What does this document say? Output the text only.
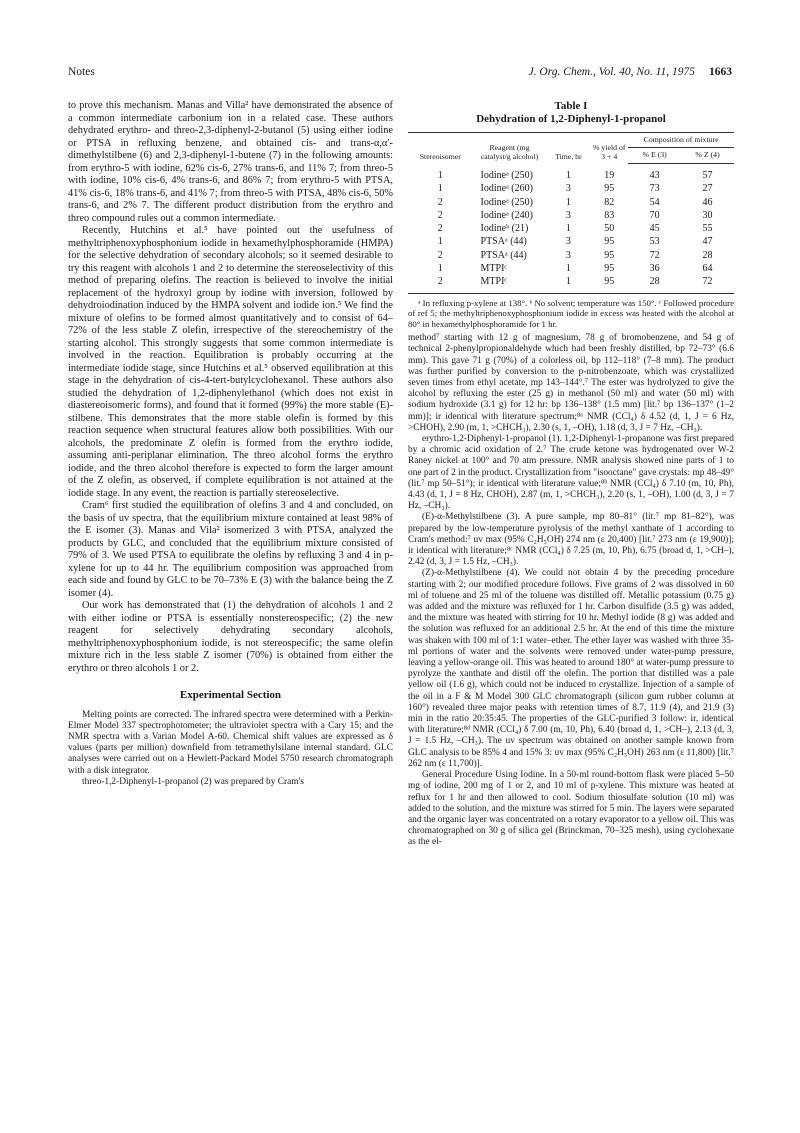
Notes	J. Org. Chem., Vol. 40, No. 11, 1975 1663

to prove this mechanism. Manas and Villa² have demonstrated the absence of a common intermediate carbonium ion in a related case. These authors dehydrated erythro- and threo-2,3-diphenyl-2-butanol (5) using either iodine or PTSA in refluxing benzene, and obtained cis- and trans-α,α′-dimethylstilbene (6) and 2,3-diphenyl-1-butene (7) in the following amounts: from erythro-5 with iodine, 62% cis-6, 27% trans-6, and 11% 7; from threo-5 with iodine, 10% cis-6, 4% trans-6, and 86% 7; from erythro-5 with PTSA, 41% cis-6, 18% trans-6, and 41% 7; from threo-5 with PTSA, 48% cis-6, 50% trans-6, and 2% 7. The different product distribution from the erythro and threo compound rules out a common intermediate.

Recently, Hutchins et al.⁵ have pointed out the usefulness of methyltriphenoxyphosphonium iodide in hexamethylphosphoramide (HMPA) for the selective dehydration of secondary alcohols; so it seemed desirable to try this reagent with alcohols 1 and 2 to determine the stereoselectivity of this method of preparing olefins. The reaction is believed to involve the initial replacement of the hydroxyl group by iodine with inversion, followed by dehydroiodination induced by the HMPA solvent and iodide ion.⁵ We find the mixture of olefins to be formed almost quantitatively and to consist of 64–72% of the less stable Z olefin, irrespective of the stereochemistry of the starting alcohol. This strongly suggests that some common intermediate is involved in the reaction. Equilibration is probably occurring at the intermediate iodide stage, since Hutchins et al.⁵ observed equilibration at this stage in the dehydration of cis-4-tert-butylcyclohexanol. These authors also studied the dehydration of 1,2-diphenylethanol (which does not exist in diastereoisomeric forms), and found that it formed (99%) the more stable (E)-stilbene. This demonstrates that the more stable olefin is formed by this reaction sequence when structural features allow both possibilities. With our alcohols, the predominate Z olefin is formed from the erythro iodide, assuming anti-periplanar elimination. The threo alcohol forms the erythro iodide, and the threo alcohol therefore is expected to form the larger amount of the Z olefin, as observed, if complete equilibration is not attained at the iodide stage. In any event, the reaction is partially stereoselective.

Cram⁶ first studied the equilibration of olefins 3 and 4 and concluded, on the basis of uv spectra, that the equilibrium mixture contained at least 98% of the E isomer (3). Manas and Vila² isomerized 3 with PTSA, analyzed the products by GLC, and concluded that the equilibrium mixture consisted of 79% of 3. We used PTSA to equilibrate the olefins by refluxing 3 and 4 in p-xylene for up to 44 hr. The equilibrium composition was approached from each side and found by GLC to be 70–73% E (3) with the balance being the Z isomer (4).

Our work has demonstrated that (1) the dehydration of alcohols 1 and 2 with either iodine or PTSA is essentially nonstereospecific; (2) the new reagent for selectively dehydrating secondary alcohols, methyltriphenoxyphosphonium iodide, is not stereospecific; the same olefin mixture rich in the less stable Z isomer (70%) is obtained from either the erythro or threo alcohols 1 or 2.

Experimental Section

Melting points are corrected. The infrared spectra were determined with a Perkin-Elmer Model 337 spectrophotometer; the ultraviolet spectra with a Cary 15; and the NMR spectra with a Varian Model A-60. Chemical shift values are expressed as δ values (parts per million) downfield from tetramethylsilane internal standard. GLC analyses were carried out on a Hewlett-Packard Model 5750 research chromatograph with a disk integrator.

threo-1,2-Diphenyl-1-propanol (2) was prepared by Cram's

Table I
Dehydration of 1,2-Diphenyl-1-propanol
Stereoisomer	Reagent (mg catalyst/g alcohol)	Time, hr	% yield of 3 + 4	Composition of mixture	
				% E (3)	% Z (4)
1	Iodineᵃ (250)	1	19	43	57
1	Iodineᵃ (260)	3	95	73	27
2	Iodineᵃ (250)	1	82	54	46
2	Iodineᵃ (240)	3	83	70	30
2	Iodineᵇ (21)	1	50	45	55
1	PTSAᵃ (44)	3	95	53	47
2	PTSAᵃ (44)	3	95	72	28
1	MTPIᶜ	1	95	36	64
2	MTPIᶜ	1	95	28	72

ᵃ In refluxing p-xylene at 138°. ᵇ No solvent; temperature was 150°. ᶜ Followed procedure of ref 5; the methyltriphenoxyphosphonium iodide in excess was heated with the alcohol at 80° in hexamethylphosphoramide for 1 hr.

method⁷ starting with 12 g of magnesium, 78 g of bromobenzene, and 54 g of technical 2-phenylpropionaldehyde which had been freshly distilled, bp 72–73° (6.6 mm). This gave 71 g (70%) of a colorless oil, bp 112–118° (7–8 mm). The product was further purified by conversion to the p-nitrobenzoate, which was crystallized seven times from ethyl acetate, mp 143–144°.⁷ The ester was hydrolyzed to give the alcohol by refluxing the ester (25 g) in methanol (50 ml) and water (50 ml) with sodium hydroxide (3.1 g) for 12 hr: bp 136–138° (1.5 mm) [lit.⁷ bp 136–137° (1–2 mm)]; ir identical with literature spectrum;⁸ᵃ NMR (CCl₄) δ 4.52 (d, 1, J = 6 Hz, >CHOH), 2.90 (m, 1, >CHCH₃), 2.30 (s, 1, –OH), 1.18 (d, 3, J = 7 Hz, –CH₃).

erythro-1,2-Diphenyl-1-propanol (1). 1,2-Diphenyl-1-propanone was first prepared by a chromic acid oxidation of 2.⁷ The crude ketone was hydrogenated over W-2 Raney nickel at 100° and 70 atm pressure. NMR analysis showed nine parts of 1 to one part of 2 in the product. Crystallization from "isooctane" gave crystals: mp 48–49° (lit.⁷ mp 50–51°); ir identical with literature value;⁸ᵇ NMR (CCl₄) δ 7.10 (m, 10, Ph), 4.43 (d, 1, J = 8 Hz, CHOH), 2.87 (m, 1, >CHCH₃), 2.20 (s, 1, –OH), 1.00 (d, 3, J = 7 Hz, –CH₃).

(E)-α-Methylstilbene (3). A pure sample, mp 80–81° (lit.⁷ mp 81–82°), was prepared by the low-temperature pyrolysis of the methyl xanthate of 1 according to Cram's method:⁷ uv max (95% C₂H₅OH) 274 nm (ε 20,400) [lit.⁷ 273 nm (ε 19,900)]; ir identical with literature;⁸ᶜ NMR (CCl₄) δ 7.25 (m, 10, Ph), 6.75 (broad d, 1, >CH–), 2.42 (d, 3, J = 1.5 Hz, –CH₃).

(Z)-α-Methylstilbene (4). We could not obtain 4 by the preceding procedure starting with 2; our modified procedure follows. Five grams of 2 was dissolved in 60 ml of toluene and 25 ml of the toluene was distilled off. Metallic potassium (0.75 g) was added and the mixture was refluxed for 1 hr. Carbon disulfide (3.5 g) was added, and the mixture was heated with stirring for 10 hr. Methyl iodide (8 g) was added and the solution was refluxed for an additional 2.5 hr. At the end of this time the mixture was shaken with 100 ml of 1:1 water–ether. The ether layer was washed with three 35-ml portions of water and the solvents were removed under water-pump pressure, leaving a yellow-orange oil. This was heated to around 180° at water-pump pressure to pyrolyze the xanthate and distil off the olefin. The portion that distilled was a pale yellow oil (1.6 g), which could not be induced to crystallize. Injection of a sample of the oil in a F & M Model 300 GLC chromatograph (silicon gum rubber column at 160°) revealed three major peaks with retention times of 8.7, 11.9 (4), and 21.9 (3) min in the ratio 20:35:45. The properties of the GLC-purified 3 follow: ir, identical with literature;⁸ᵈ NMR (CCl₄) δ 7.00 (m, 10, Ph), 6.40 (broad d, 1, >CH–), 2.13 (d, 3, J = 1.5 Hz, –CH₃). The uv spectrum was obtained on another sample known from GLC analysis to be 85% 4 and 15% 3: uv max (95% C₂H₅OH) 263 nm (ε 11,800) [lit.⁷ 262 nm (ε 11,700)].

General Procedure Using Iodine. In a 50-ml round-bottom flask were placed 5–50 mg of iodine, 200 mg of 1 or 2, and 10 ml of p-xylene. This mixture was heated at reflux for 1 hr and then allowed to cool. Sodium thiosulfate solution (10 ml) was added to the solution, and the mixture was stirred for 5 min. The layers were separated and the organic layer was concentrated on a rotary evaporator to a yellow oil. This was chromatographed on 30 g of silica gel (Brinckman, 70–325 mesh), using cyclohexane as the el-
